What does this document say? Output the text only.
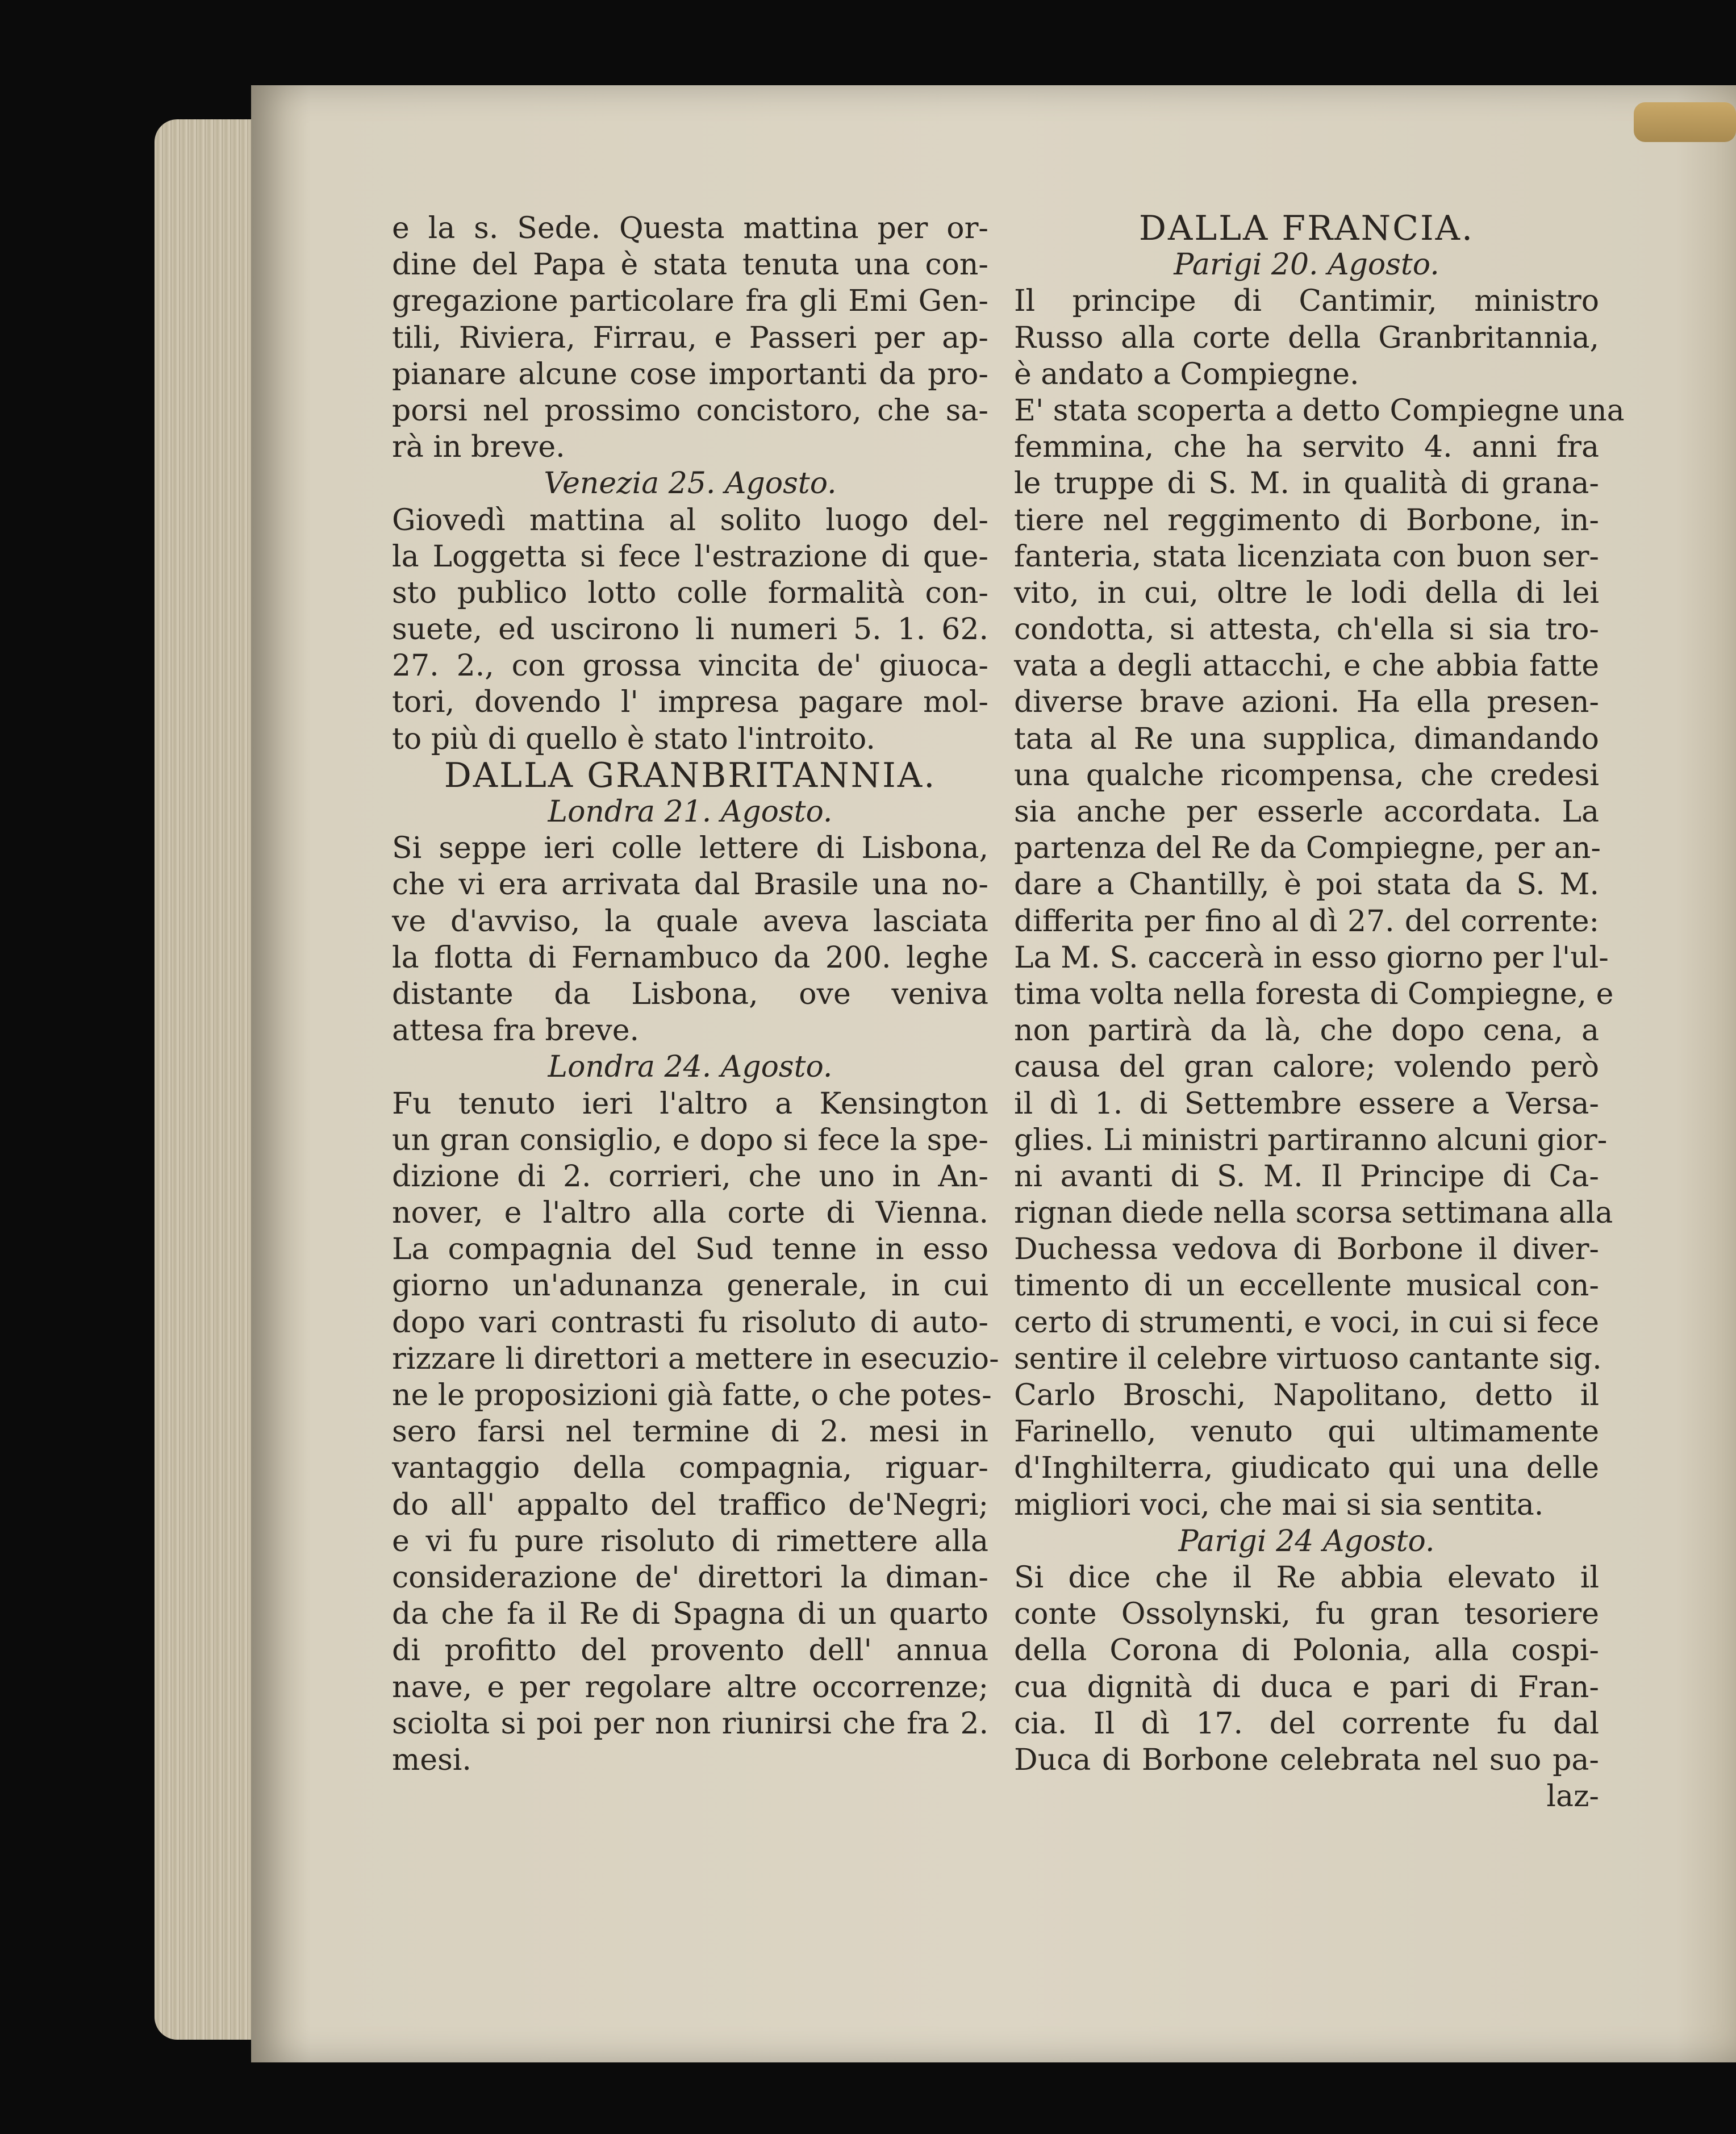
e la s. Sede. Questa mattina per or-
dine del Papa è stata tenuta una con-
gregazione particolare fra gli Emi Gen-
tili, Riviera, Firrau, e Passeri per ap-
pianare alcune cose importanti da pro-
porsi nel prossimo concistoro, che sa-
rà in breve.
Venezia 25. Agosto.
Giovedì mattina al solito luogo del-
la Loggetta si fece l'estrazione di que-
sto publico lotto colle formalità con-
suete, ed uscirono li numeri 5. 1. 62.
27. 2., con grossa vincita de' giuoca-
tori, dovendo l' impresa pagare mol-
to più di quello è stato l'introito.
DALLA GRANBRITANNIA.
Londra 21. Agosto.
Si seppe ieri colle lettere di Lisbona,
che vi era arrivata dal Brasile una no-
ve d'avviso, la quale aveva lasciata
la flotta di Fernambuco da 200. leghe
distante da Lisbona, ove veniva
attesa fra breve.
Londra 24. Agosto.
Fu tenuto ieri l'altro a Kensington
un gran consiglio, e dopo si fece la spe-
dizione di 2. corrieri, che uno in An-
nover, e l'altro alla corte di Vienna.
La compagnia del Sud tenne in esso
giorno un'adunanza generale, in cui
dopo vari contrasti fu risoluto di auto-
rizzare li direttori a mettere in esecuzio-
ne le proposizioni già fatte, o che potes-
sero farsi nel termine di 2. mesi in
vantaggio della compagnia, riguar-
do all' appalto del traffico de'Negri;
e vi fu pure risoluto di rimettere alla
considerazione de' direttori la diman-
da che fa il Re di Spagna di un quarto
di profitto del provento dell' annua
nave, e per regolare altre occorrenze;
sciolta si poi per non riunirsi che fra 2.
mesi.
DALLA FRANCIA.
Parigi 20. Agosto.
Il principe di Cantimir, ministro
Russo alla corte della Granbritannia,
è andato a Compiegne.
E' stata scoperta a detto Compiegne una
femmina, che ha servito 4. anni fra
le truppe di S. M. in qualità di grana-
tiere nel reggimento di Borbone, in-
fanteria, stata licenziata con buon ser-
vito, in cui, oltre le lodi della di lei
condotta, si attesta, ch'ella si sia tro-
vata a degli attacchi, e che abbia fatte
diverse brave azioni. Ha ella presen-
tata al Re una supplica, dimandando
una qualche ricompensa, che credesi
sia anche per esserle accordata. La
partenza del Re da Compiegne, per an-
dare a Chantilly, è poi stata da S. M.
differita per fino al dì 27. del corrente:
La M. S. caccerà in esso giorno per l'ul-
tima volta nella foresta di Compiegne, e
non partirà da là, che dopo cena, a
causa del gran calore; volendo però
il dì 1. di Settembre essere a Versa-
glies. Li ministri partiranno alcuni gior-
ni avanti di S. M. Il Principe di Ca-
rignan diede nella scorsa settimana alla
Duchessa vedova di Borbone il diver-
timento di un eccellente musical con-
certo di strumenti, e voci, in cui si fece
sentire il celebre virtuoso cantante sig.
Carlo Broschi, Napolitano, detto il
Farinello, venuto qui ultimamente
d'Inghilterra, giudicato qui una delle
migliori voci, che mai si sia sentita.
Parigi 24 Agosto.
Si dice che il Re abbia elevato il
conte Ossolynski, fu gran tesoriere
della Corona di Polonia, alla cospi-
cua dignità di duca e pari di Fran-
cia. Il dì 17. del corrente fu dal
Duca di Borbone celebrata nel suo pa-
laz-
